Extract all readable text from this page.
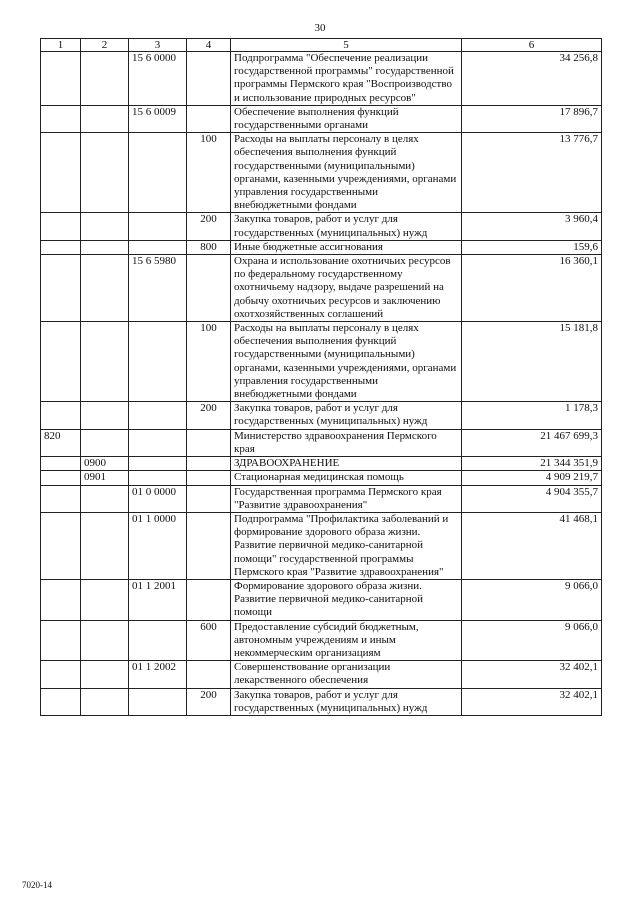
30
1	2	3	4	5	6
		15 6 0000		Подпрограмма "Обеспечение реализации государственной программы" государственной программы Пермского края "Воспроизводство и использование природных ресурсов"	34 256,8
		15 6 0009		Обеспечение выполнения функций государственными органами	17 896,7
			100	Расходы на выплаты персоналу в целях обеспечения выполнения функций государственными (муниципальными) органами, казенными учреждениями, органами управления государственными внебюджетными фондами	13 776,7
			200	Закупка товаров, работ и услуг для государственных (муниципальных) нужд	3 960,4
			800	Иные бюджетные ассигнования	159,6
		15 6 5980		Охрана и использование охотничьих ресурсов по федеральному государственному охотничьему надзору, выдаче разрешений на добычу охотничьих ресурсов и заключению охотхозяйственных соглашений	16 360,1
			100	Расходы на выплаты персоналу в целях обеспечения выполнения функций государственными (муниципальными) органами, казенными учреждениями, органами управления государственными внебюджетными фондами	15 181,8
			200	Закупка товаров, работ и услуг для государственных (муниципальных) нужд	1 178,3
820				Министерство здравоохранения Пермского края	21 467 699,3
	0900			ЗДРАВООХРАНЕНИЕ	21 344 351,9
	0901			Стационарная медицинская помощь	4 909 219,7
		01 0 0000		Государственная программа Пермского края "Развитие здравоохранения"	4 904 355,7
		01 1 0000		Подпрограмма "Профилактика заболеваний и формирование здорового образа жизни. Развитие первичной медико-санитарной помощи" государственной программы Пермского края "Развитие здравоохранения"	41 468,1
		01 1 2001		Формирование здорового образа жизни. Развитие первичной медико-санитарной помощи	9 066,0
			600	Предоставление субсидий бюджетным, автономным учреждениям и иным некоммерческим организациям	9 066,0
		01 1 2002		Совершенствование организации лекарственного обеспечения	32 402,1
			200	Закупка товаров, работ и услуг для государственных (муниципальных) нужд	32 402,1
7020-14
